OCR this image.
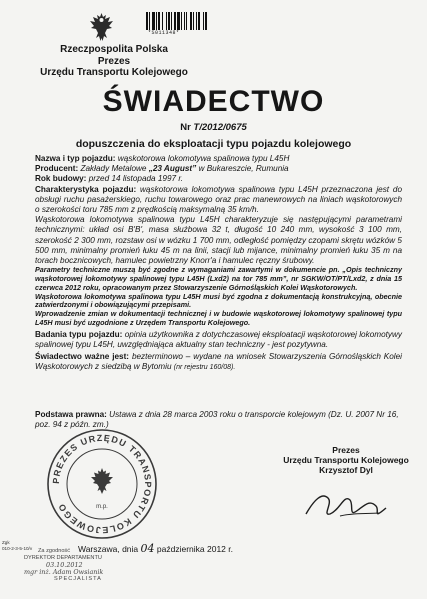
*S011348*
Rzeczpospolita Polska
Prezes
Urzędu Transportu Kolejowego
ŚWIADECTWO
Nr T/2012/0675
dopuszczenia do eksploatacji typu pojazdu kolejowego

Nazwa i typ pojazdu: wąskotorowa lokomotywa spalinowa typu L45H

Producent: Zakłady Metalowe „23 August” w Bukareszcie, Rumunia

Rok budowy: przed 14 listopada 1997 r.

Charakterystyka pojazdu: wąskotorowa lokomotywa spalinowa typu L45H przeznaczona jest do obsługi ruchu pasażerskiego, ruchu towarowego oraz prac manewrowych na liniach wąskotorowych o szerokości toru 785 mm z prędkością maksymalną 35 km/h.

Wąskotorowa lokomotywa spalinowa typu L45H charakteryzuje się następującymi parametrami technicznymi: układ osi B'B', masa służbowa 32 t, długość 10 240 mm, wysokość 3 100 mm, szerokość 2 300 mm, rozstaw osi w wózku 1 700 mm, odległość pomiędzy czopami skrętu wózków 5 500 mm, minimalny promień łuku 45 m na linii, stacji lub mijance, minimalny promień łuku 35 m na torach bocznicowych, hamulec powietrzny Knorr'a i hamulec ręczny śrubowy.

Parametry techniczne muszą być zgodne z wymaganiami zawartymi w dokumencie pn. „Opis techniczny wąskotorowej lokomotywy spalinowej typu L45H (Lxd2) na tor 785 mm”, nr SGKW/OT/PT/Lxd2, z dnia 15 czerwca 2012 roku, opracowanym przez Stowarzyszenie Górnośląskich Kolei Wąskotorowych.

Wąskotorowa lokomotywa spalinowa typu L45H musi być zgodna z dokumentacją konstrukcyjną, obecnie zatwierdzonymi i obowiązującymi przepisami.

Wprowadzenie zmian w dokumentacji technicznej i w budowie wąskotorowej lokomotywy spalinowej typu L45H musi być uzgodnione z Urzędem Transportu Kolejowego.

Badania typu pojazdu: opinia użytkownika z dotychczasowej eksploatacji wąskotorowej lokomotywy spalinowej typu L45H, uwzględniająca aktualny stan techniczny - jest pozytywna.

Świadectwo ważne jest: bezterminowo – wydane na wniosek Stowarzyszenia Górnośląskich Kolei Wąskotorowych z siedzibą w Bytomiu (nr rejestru 160/08).

Podstawa prawna: Ustawa z dnia 28 marca 2003 roku o transporcie kolejowym (Dz. U. 2007 Nr 16, poz. 94 z późn. zm.)
PREZES URZĘDU TRANSPORTU KOLEJOWEGO	m.p.
Prezes
Urzędu Transportu Kolejowego
Krzysztof Dyl
Warszawa, dnia 04 października 2012 r.
Zgk
010-2-3-5-10/v	Za zgodność
DYREKTOR DEPARTAMENTU
03.10.2012
mgr inż. Adam Owsianik
SPECJALISTA
